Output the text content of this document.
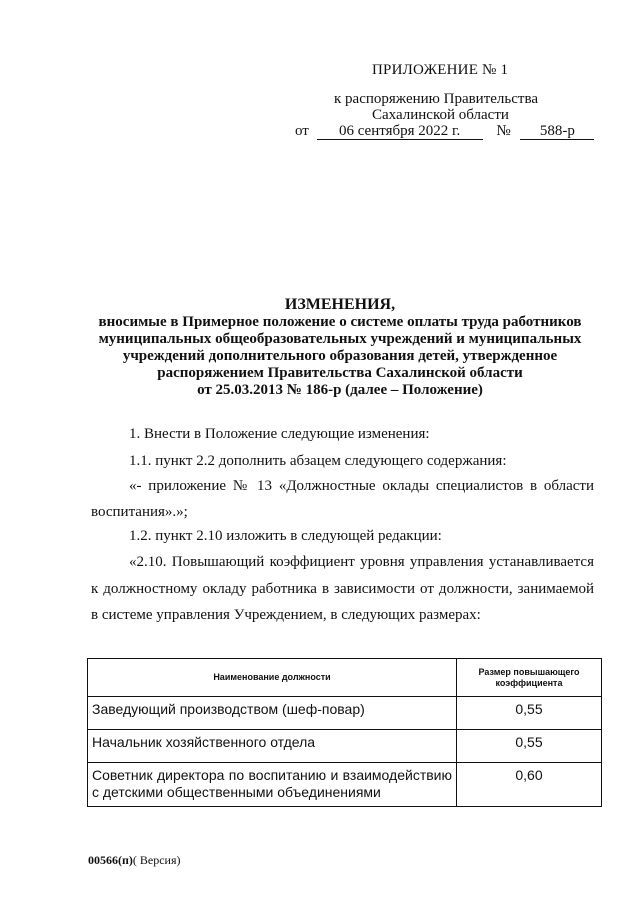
ПРИЛОЖЕНИЕ № 1
к распоряжению Правительства
Сахалинской области
от 06 сентября 2022 г. № 588-р
ИЗМЕНЕНИЯ,
вносимые в Примерное положение о системе оплаты труда работников
муниципальных общеобразовательных учреждений и муниципальных
учреждений дополнительного образования детей, утвержденное
распоряжением Правительства Сахалинской области
от 25.03.2013 № 186-р (далее – Положение)
1. Внести в Положение следующие изменения:
1.1. пункт 2.2 дополнить абзацем следующего содержания:
«- приложение № 13 «Должностные оклады специалистов в области
воспитания».»;
1.2. пункт 2.10 изложить в следующей редакции:
«2.10. Повышающий коэффициент уровня управления устанавливается
к должностному окладу работника в зависимости от должности, занимаемой
в системе управления Учреждением, в следующих размерах:
Наименование должности	Размер повышающего коэффициента
Заведующий производством (шеф-повар)	0,55
Начальник хозяйственного отдела	0,55
Советник директора по воспитанию и взаимодействию с детскими общественными объединениями	0,60
00566(п)( Версия)
